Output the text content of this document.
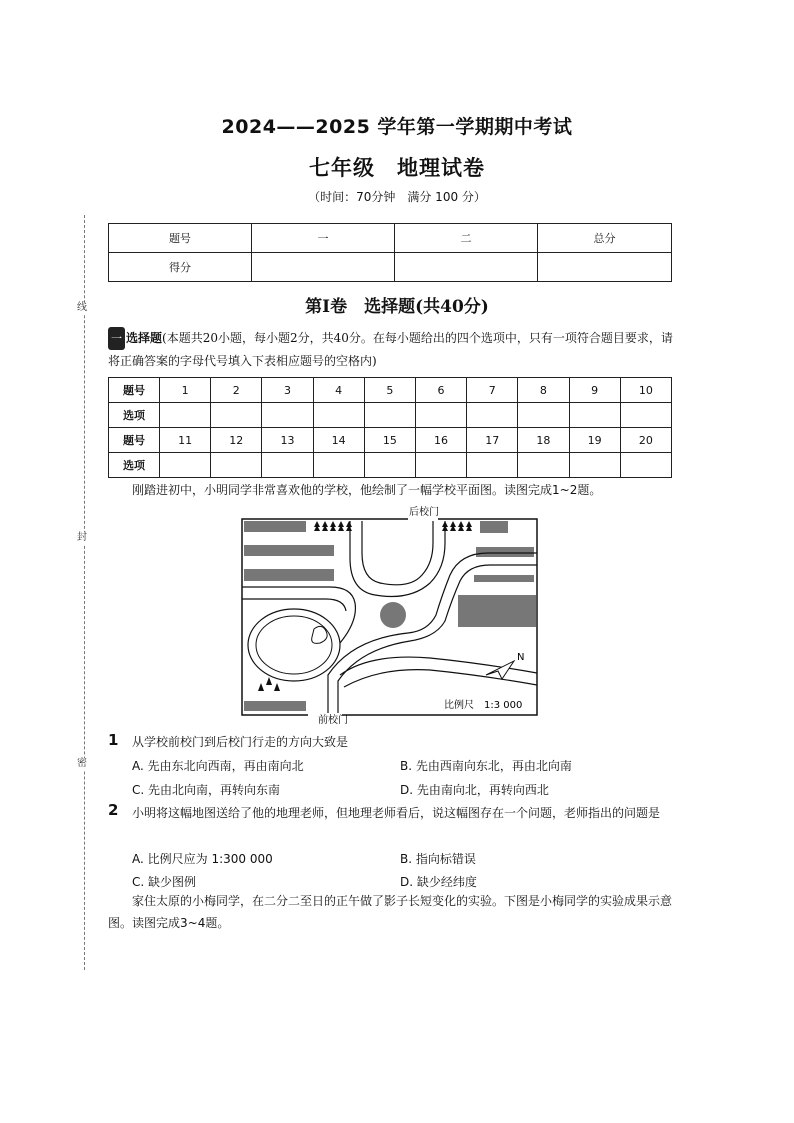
2024——2025 学年第一学期期中考试
七年级　地理试卷
（时间：70分钟　满分 100 分）
线
封
密
题号	一	二	总分
得分			
第Ⅰ卷　选择题(共40分)
一 选择题(本题共20小题，每小题2分，共40分。在每小题给出的四个选项中，只有一项符合题目要求，请将正确答案的字母代号填入下表相应题号的空格内)
题号	1	2	3	4	5	6	7	8	9	10
选项										
题号	11	12	13	14	15	16	17	18	19	20
选项										
刚踏进初中，小明同学非常喜欢他的学校，他绘制了一幅学校平面图。读图完成1~2题。
后校门
前校门
N
比例尺　1:3 000
1 从学校前校门到后校门行走的方向大致是
A. 先由东北向西南，再由南向北	B. 先由西南向东北，再由北向南
C. 先由北向南，再转向东南	D. 先由南向北，再转向西北
2 小明将这幅地图送给了他的地理老师，但地理老师看后，说这幅图存在一个问题，老师指出的问题是
A. 比例尺应为 1:300 000	B. 指向标错误
C. 缺少图例	D. 缺少经纬度
家住太原的小梅同学，在二分二至日的正午做了影子长短变化的实验。下图是小梅同学的实验成果示意图。读图完成3~4题。
